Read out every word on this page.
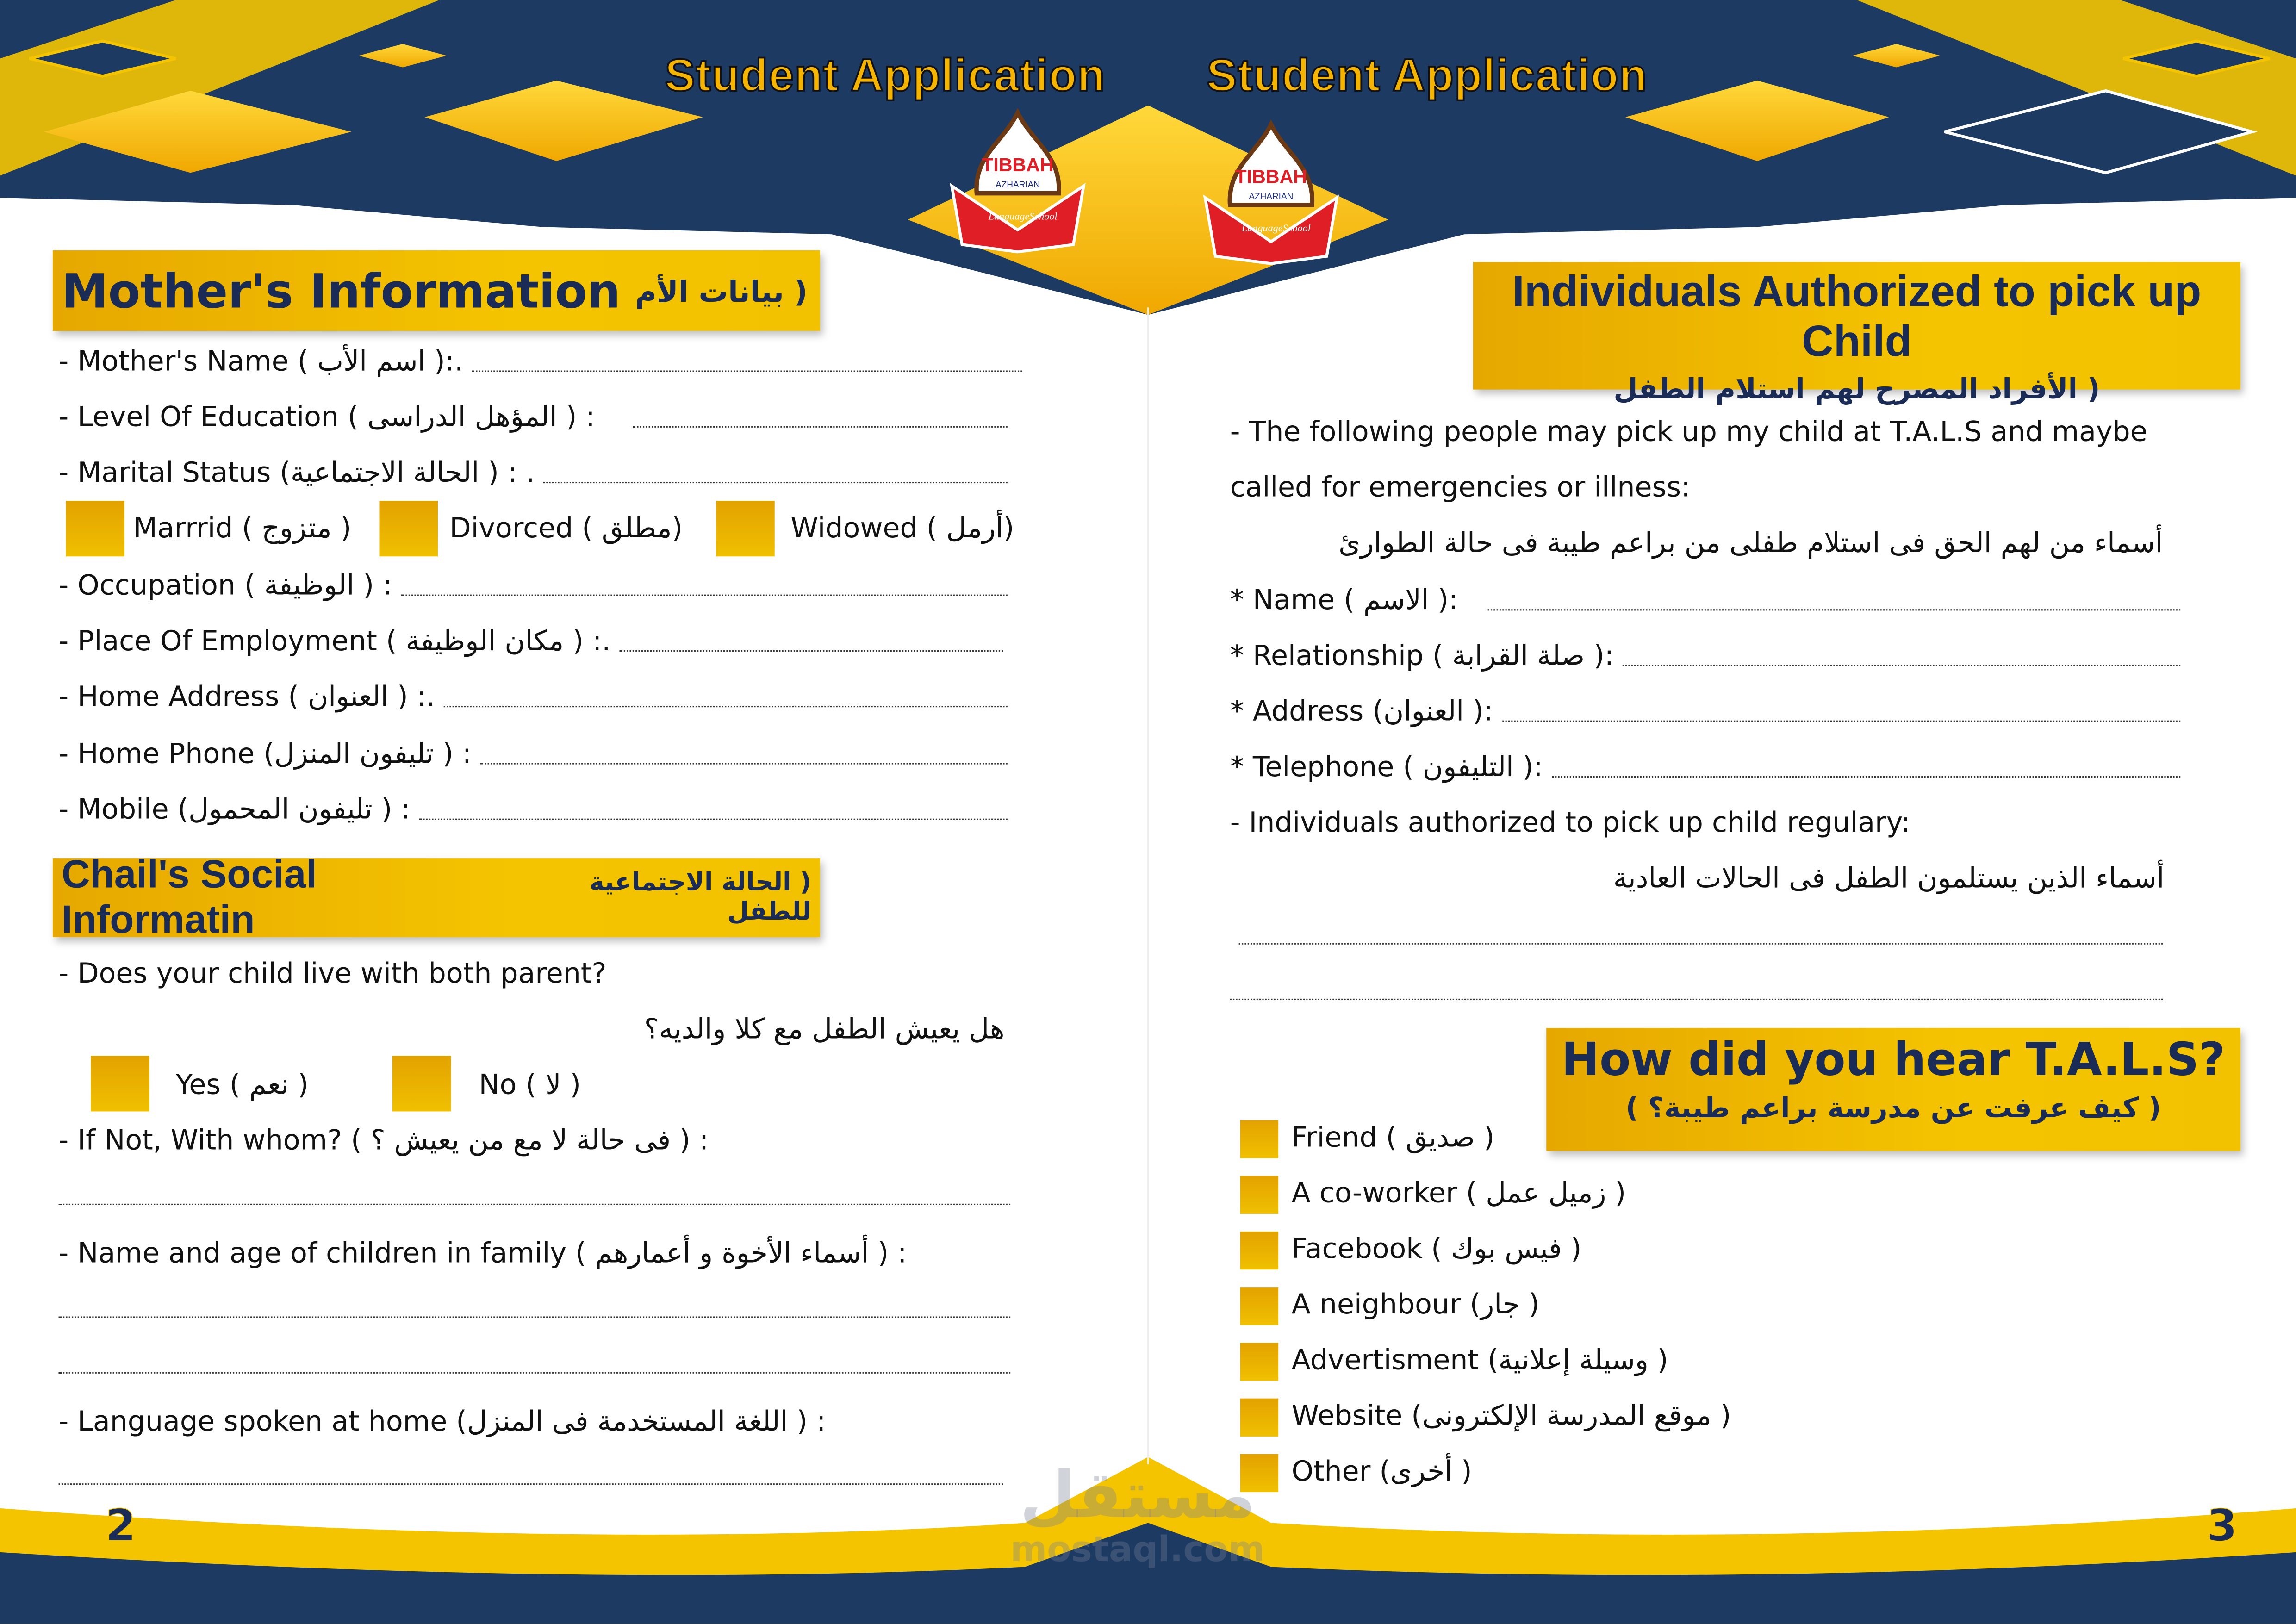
Student Application	Student Application
TIBBAH
AZHARIAN
Language School
TIBBAH
AZHARIAN
Language School
Mother's Information ( بيانات الأم
- Mother's Name ( اسم الأب ):.
- Level Of Education ( المؤهل الدراسى ) :
- Marital Status (الحالة الاجتماعية ) : .
Marrrid ( متزوج )	Divorced ( مطلق)	Widowed ( أرمل)
- Occupation ( الوظيفة ) :
- Place Of Employment ( مكان الوظيفة ) :.
- Home Address ( العنوان ) :.
- Home Phone (تليفون المنزل ) :
- Mobile (تليفون المحمول ) :
Chail's Social Informatin
( الحالة الاجتماعية للطفل
- Does your child live with both parent?
هل يعيش الطفل مع كلا والديه؟
Yes ( نعم )	No ( لا )
- If Not, With whom? ( فى حالة لا مع من يعيش ؟ ) :
- Name and age of children in family ( أسماء الأخوة و أعمارهم ) :
- Language spoken at home (اللغة المستخدمة فى المنزل ) :
Individuals Authorized to pick up Child
( الأفراد المصرح لهم استلام الطفل
- The following people may pick up my child at T.A.L.S and maybe
called for emergencies or illness:
أسماء من لهم الحق فى استلام طفلى من براعم طيبة فى حالة الطوارئ
* Name ( الاسم ):
* Relationship ( صلة القرابة ):
* Address (العنوان ):
* Telephone ( التليفون ):
- Individuals authorized to pick up child regulary:
أسماء الذين يستلمون الطفل فى الحالات العادية
How did you hear T.A.L.S?
( كيف عرفت عن مدرسة براعم طيبة؟ )
Friend ( صديق )
A co-worker ( زميل عمل )
Facebook ( فيس بوك )
A neighbour (جار )
Advertisment (وسيلة إعلانية )
Website (موقع المدرسة الإلكترونى )
Other (أخرى )
2	3
مستقل
mostaql.com
